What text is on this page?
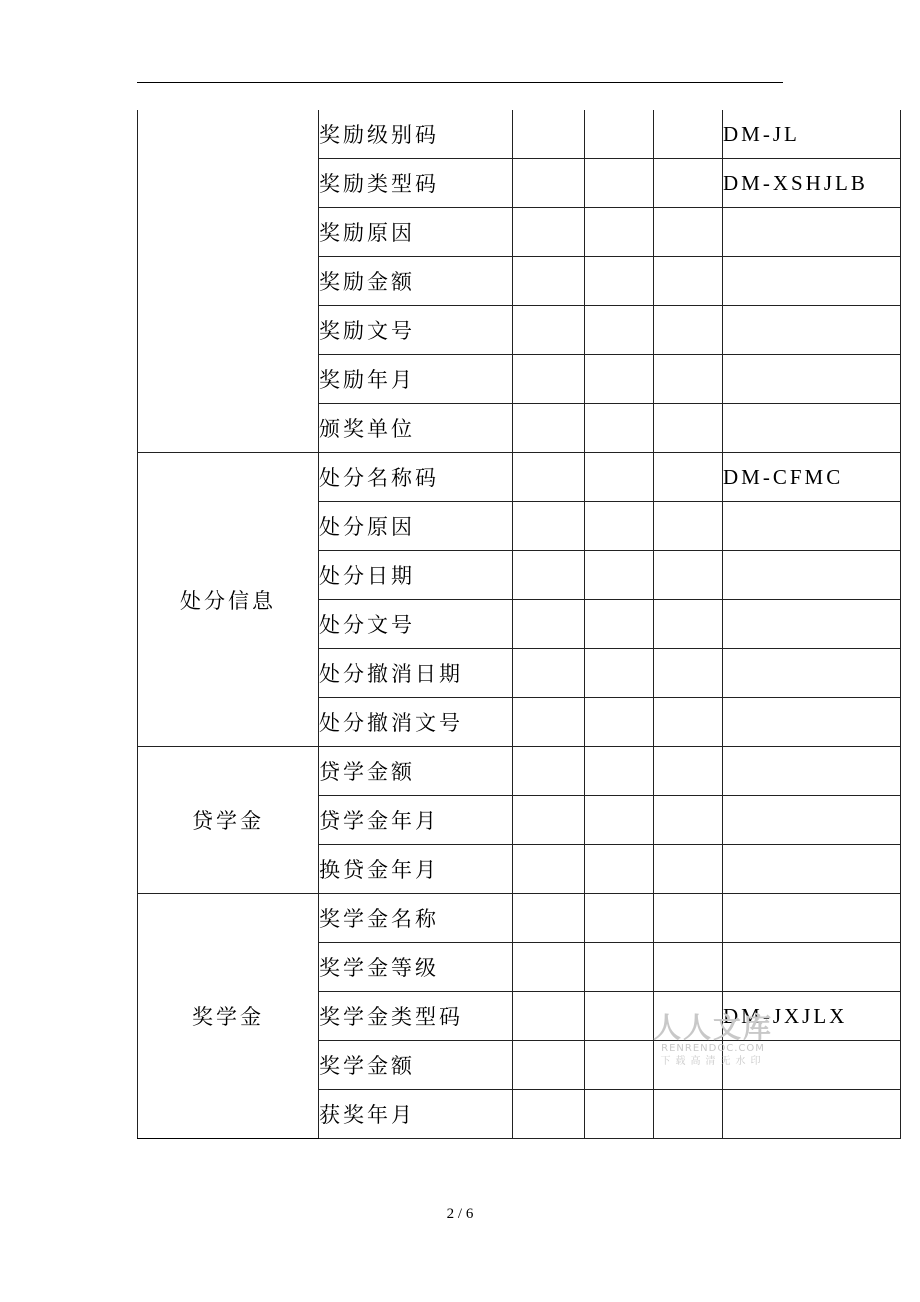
	奖励级别码				DM-JL
	奖励类型码				DM-XSHJLB
	奖励原因				
	奖励金额				
	奖励文号				
	奖励年月				
	颁奖单位				
处分信息	处分名称码				DM-CFMC
	处分原因				
	处分日期				
	处分文号				
	处分撤消日期				
	处分撤消文号				
贷学金	贷学金额				
	贷学金年月				
	换贷金年月				
奖学金	奖学金名称				
	奖学金等级				
	奖学金类型码				DM-JXJLX
	奖学金额				
	获奖年月				
人人文库
RENRENDOC.COM
下载高清无水印
2 / 6
